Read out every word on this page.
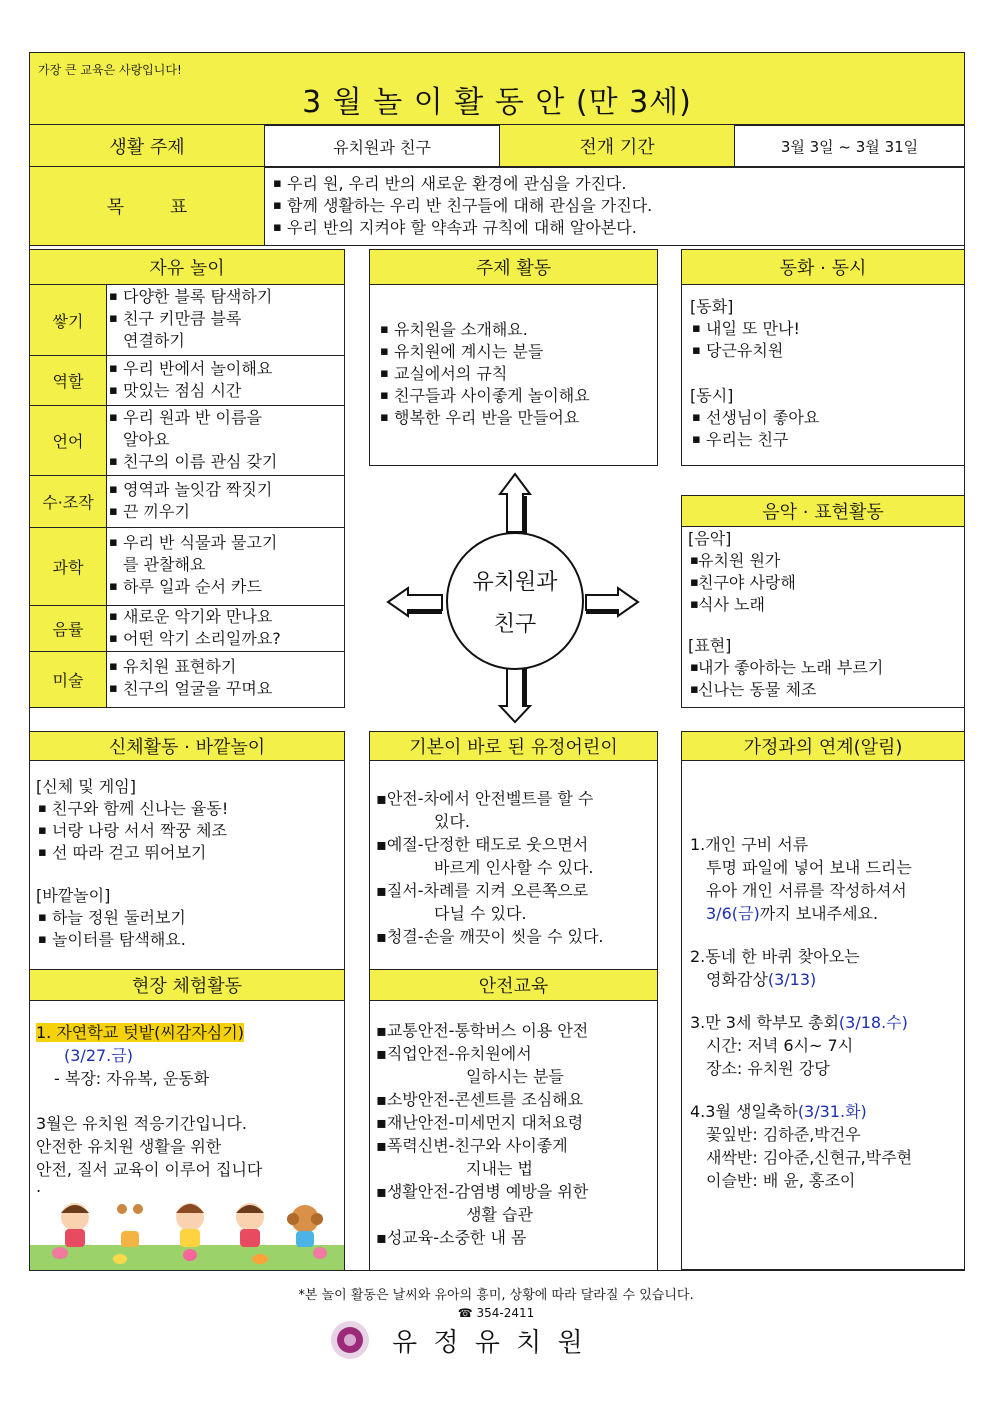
가장 큰 교육은 사랑입니다!
3 월 놀 이 활 동 안 (만 3세)
생활 주제	유치원과 친구	전개 기간	3월 3일 ~ 3월 31일
목        표
▪ 우리 원, 우리 반의 새로운 환경에 관심을 가진다.
▪ 함께 생활하는 우리 반 친구들에 대해 관심을 가진다.
▪ 우리 반의 지켜야 할 약속과 규칙에 대해 알아본다.
자유 놀이
쌓기
▪ 다양한 블록 탐색하기
▪ 친구 키만큼 블록
연결하기
역할
▪ 우리 반에서 놀이해요
▪ 맛있는 점심 시간
언어
▪ 우리 원과 반 이름을
알아요
▪ 친구의 이름 관심 갖기
수·조작
▪ 영역과 놀잇감 짝짓기
▪ 끈 끼우기
과학
▪ 우리 반 식물과 물고기
를 관찰해요
▪ 하루 일과 순서 카드
음률
▪ 새로운 악기와 만나요
▪ 어떤 악기 소리일까요?
미술
▪ 유치원 표현하기
▪ 친구의 얼굴을 꾸며요
주제 활동
▪ 유치원을 소개해요.
▪ 유치원에 계시는 분들
▪ 교실에서의 규칙
▪ 친구들과 사이좋게 놀이해요
▪ 행복한 우리 반을 만들어요
동화 · 동시
[동화]
▪ 내일 또 만나!
▪ 당근유치원
[동시]
▪ 선생님이 좋아요
▪ 우리는 친구
유치원과
친구
음악 · 표현활동
[음악]
▪ 유치원 원가
▪ 친구야 사랑해
▪ 식사 노래
[표현]
▪ 내가 좋아하는 노래 부르기
▪ 신나는 동물 체조
신체활동 · 바깥놀이
[신체 및 게임]
▪ 친구와 함께 신나는 율동!
▪ 너랑 나랑 서서 짝꿍 체조
▪ 선 따라 걷고 뛰어보기
[바깥놀이]
▪ 하늘 정원 둘러보기
▪ 놀이터를 탐색해요.
기본이 바로 된 유정어린이
▪안전-차에서 안전벨트를 할 수
있다.
▪예절-단정한 태도로 웃으면서
바르게 인사할 수 있다.
▪질서-차례를 지켜 오른쪽으로
다닐 수 있다.
▪청결-손을 깨끗이 씻을 수 있다.
가정과의 연계(알림)
1.개인 구비 서류
투명 파일에 넣어 보내 드리는
유아 개인 서류를 작성하셔서
3/6(금)까지 보내주세요.
2.동네 한 바퀴 찾아오는
영화감상(3/13)
3.만 3세 학부모 총회(3/18.수)
시간: 저녁 6시~ 7시
장소: 유치원 강당
4.3월 생일축하(3/31.화)
꽃잎반: 김하준,박건우
새싹반: 김아준,신현규,박주현
이슬반: 배 윤, 홍조이
현장 체험활동
1. 자연학교 텃밭(씨감자심기)
(3/27.금)
- 복장: 자유복, 운동화
3월은 유치원 적응기간입니다.
안전한 유치원 생활을 위한
안전, 질서 교육이 이루어 집니다
.
안전교육
▪교통안전-통학버스 이용 안전
▪직업안전-유치원에서
일하시는 분들
▪소방안전-콘센트를 조심해요
▪재난안전-미세먼지 대처요령
▪폭력신변-친구와 사이좋게
지내는 법
▪생활안전-감염병 예방을 위한
생활 습관
▪성교육-소중한 내 몸
*본 놀이 활동은 날씨와 유아의 흥미, 상황에 따라 달라질 수 있습니다.
☎ 354-2411
유 정 유 치 원
